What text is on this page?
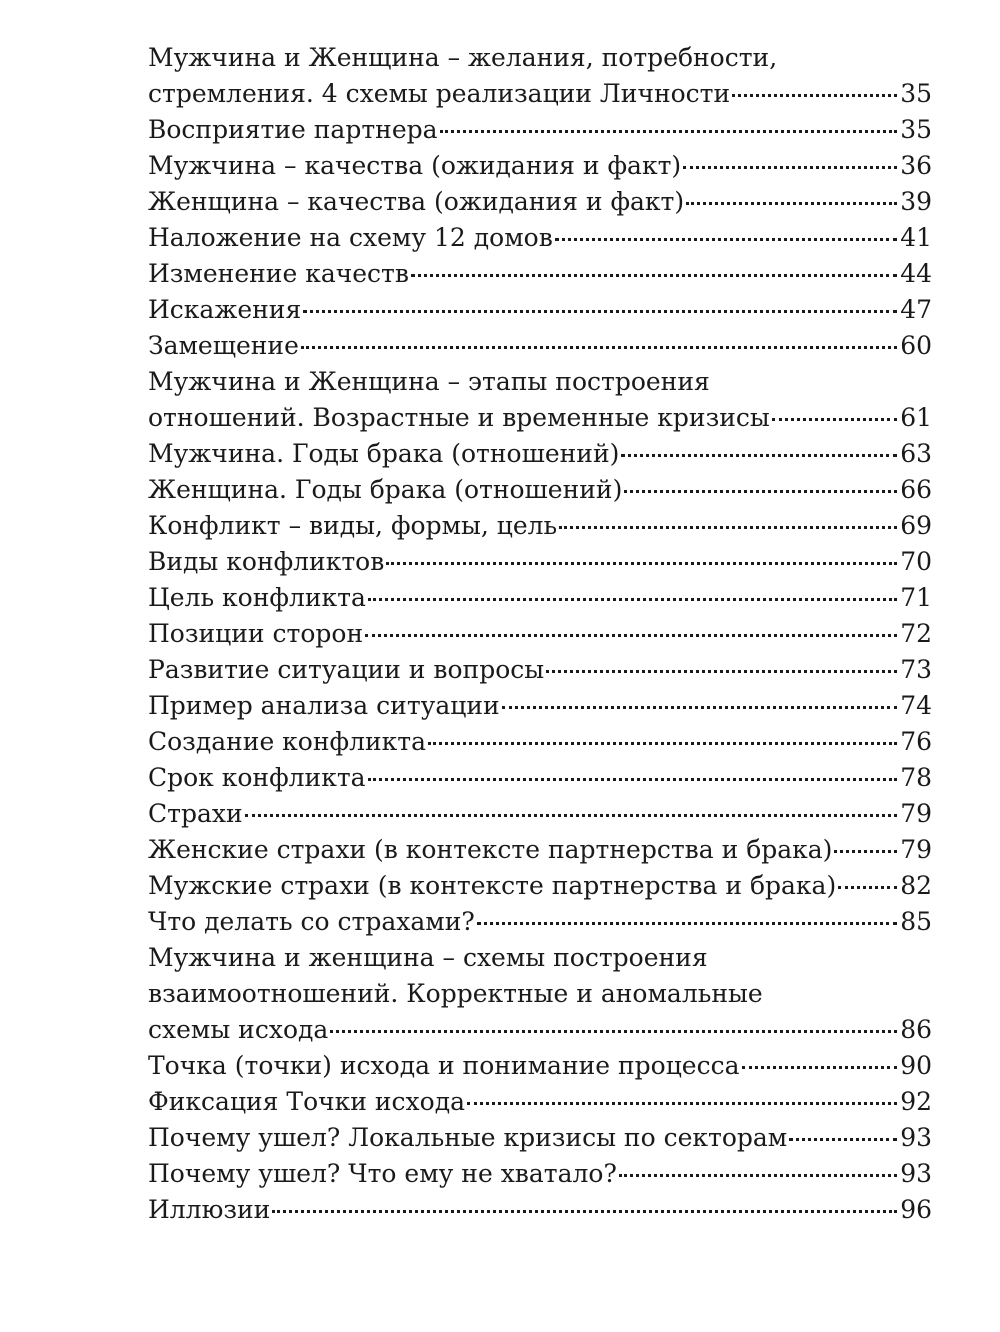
Мужчина и Женщина – желания, потребности,
стремления. 4 схемы реализации Личности	35
Восприятие партнера	35
Мужчина – качества (ожидания и факт)	36
Женщина – качества (ожидания и факт)	39
Наложение на схему 12 домов	41
Изменение качеств	44
Искажения	47
Замещение	60
Мужчина и Женщина – этапы построения
отношений. Возрастные и временные кризисы	61
Мужчина. Годы брака (отношений)	63
Женщина. Годы брака (отношений)	66
Конфликт – виды, формы, цель	69
Виды конфликтов	70
Цель конфликта	71
Позиции сторон	72
Развитие ситуации и вопросы	73
Пример анализа ситуации	74
Создание конфликта	76
Срок конфликта	78
Страхи	79
Женские страхи (в контексте партнерства и брака)	79
Мужские страхи (в контексте партнерства и брака)	82
Что делать со страхами?	85
Мужчина и женщина – схемы построения
взаимоотношений. Корректные и аномальные
схемы исхода	86
Точка (точки) исхода и понимание процесса	90
Фиксация Точки исхода	92
Почему ушел? Локальные кризисы по секторам	93
Почему ушел? Что ему не хватало?	93
Иллюзии	96
